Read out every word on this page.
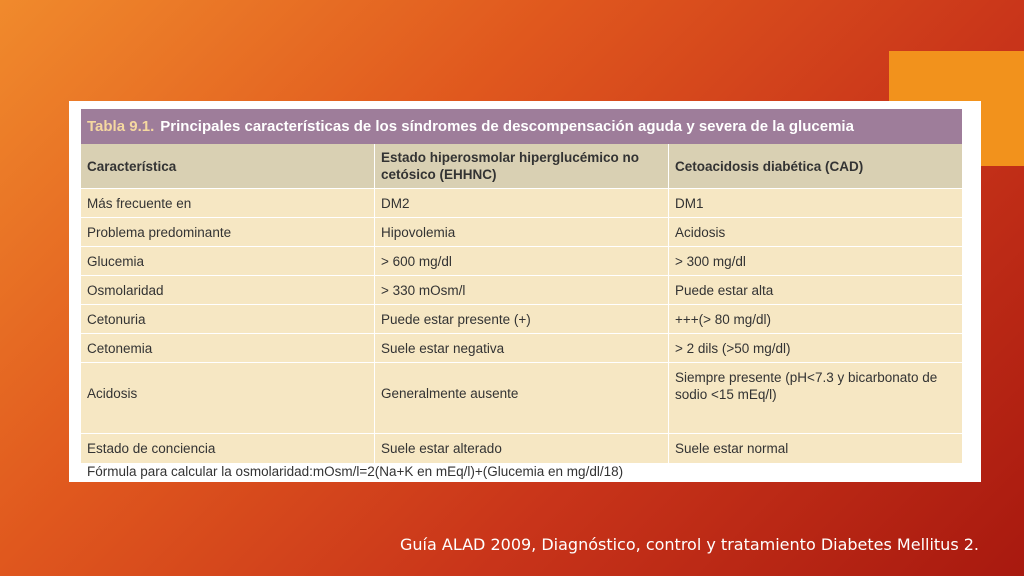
Tabla 9.1. Principales características de los síndromes de descompensación aguda y severa de la glucemia
Característica	Estado hiperosmolar hiperglucémico no cetósico (EHHNC)	Cetoacidosis diabética (CAD)
Más frecuente en	DM2	DM1
Problema predominante	Hipovolemia	Acidosis
Glucemia	> 600 mg/dl	> 300 mg/dl
Osmolaridad	> 330 mOsm/l	Puede estar alta
Cetonuria	Puede estar presente (+)	+++(> 80 mg/dl)
Cetonemia	Suele estar negativa	> 2 dils (>50 mg/dl)
Acidosis	Generalmente ausente	Siempre presente (pH<7.3 y bicarbonato de sodio <15 mEq/l)
Estado de conciencia	Suele estar alterado	Suele estar normal
Fórmula para calcular la osmolaridad:mOsm/l=2(Na+K en mEq/l)+(Glucemia en mg/dl/18)
Guía ALAD 2009, Diagnóstico, control y tratamiento Diabetes Mellitus 2.
